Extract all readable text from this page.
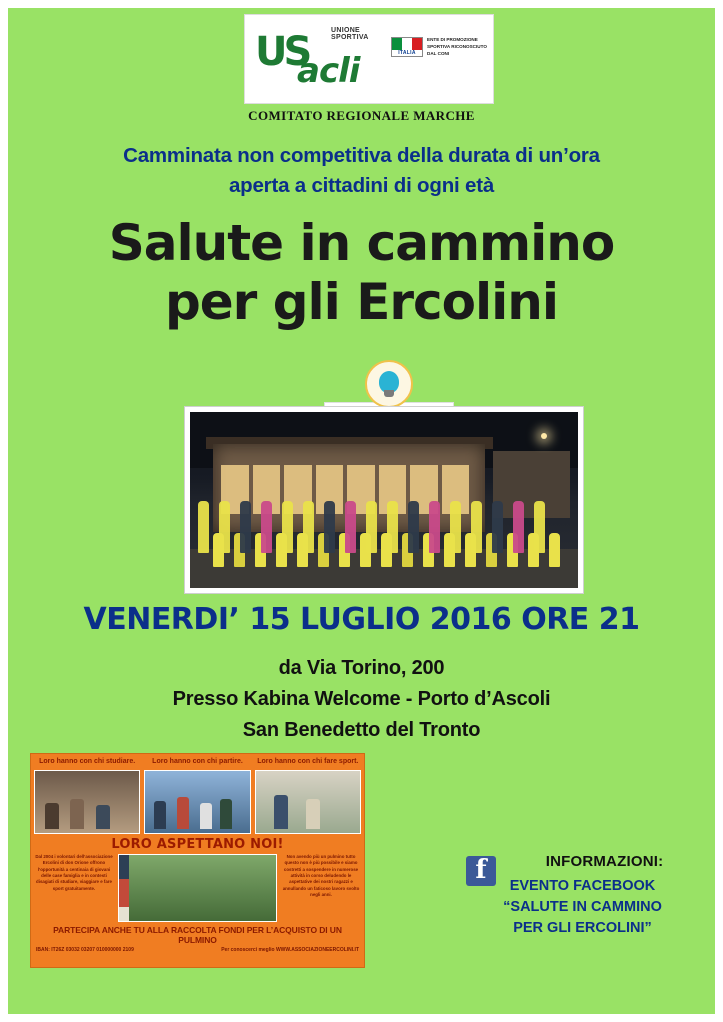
UNIONE SPORTIVA
US
acli	ITALIA
ENTE DI PROMOZIONE SPORTIVA RICONOSCIUTO DAL CONI
COMITATO REGIONALE MARCHE
Camminata non competitiva della durata di un’ora
aperta a cittadini di ogni età
Salute in cammino
per gli Ercolini
VENERDI’ 15 LUGLIO 2016 ORE 21
da Via Torino, 200
Presso Kabina Welcome - Porto d’Ascoli
San Benedetto del Tronto
Loro hanno con chi studiare.	Loro hanno con chi partire.	Loro hanno con chi fare sport.
LORO ASPETTANO NOI!
Dal 2004 i volontari dell’associazione Ercolini di don Orione offrono l’opportunità a centinaia di giovani delle case famiglia e in contesti disagiati di studiare, viaggiare e fare sport gratuitamente.
Non avendo più un pulmino tutto questo non è più possibile e siamo costretti a sospendere in numerose attività in corso deludendo le aspettative dei nostri ragazzi e annullando un faticoso lavoro svolto negli anni.
PARTECIPA ANCHE TU ALLA RACCOLTA FONDI PER L’ACQUISTO DI UN PULMINO
IBAN: IT26Z 03032 03207 010000000 2109	Per conoscerci meglio WWW.ASSOCIAZIONEERCOLINI.IT
f	INFORMAZIONI:
EVENTO FACEBOOK
“SALUTE IN CAMMINO
PER GLI ERCOLINI”
